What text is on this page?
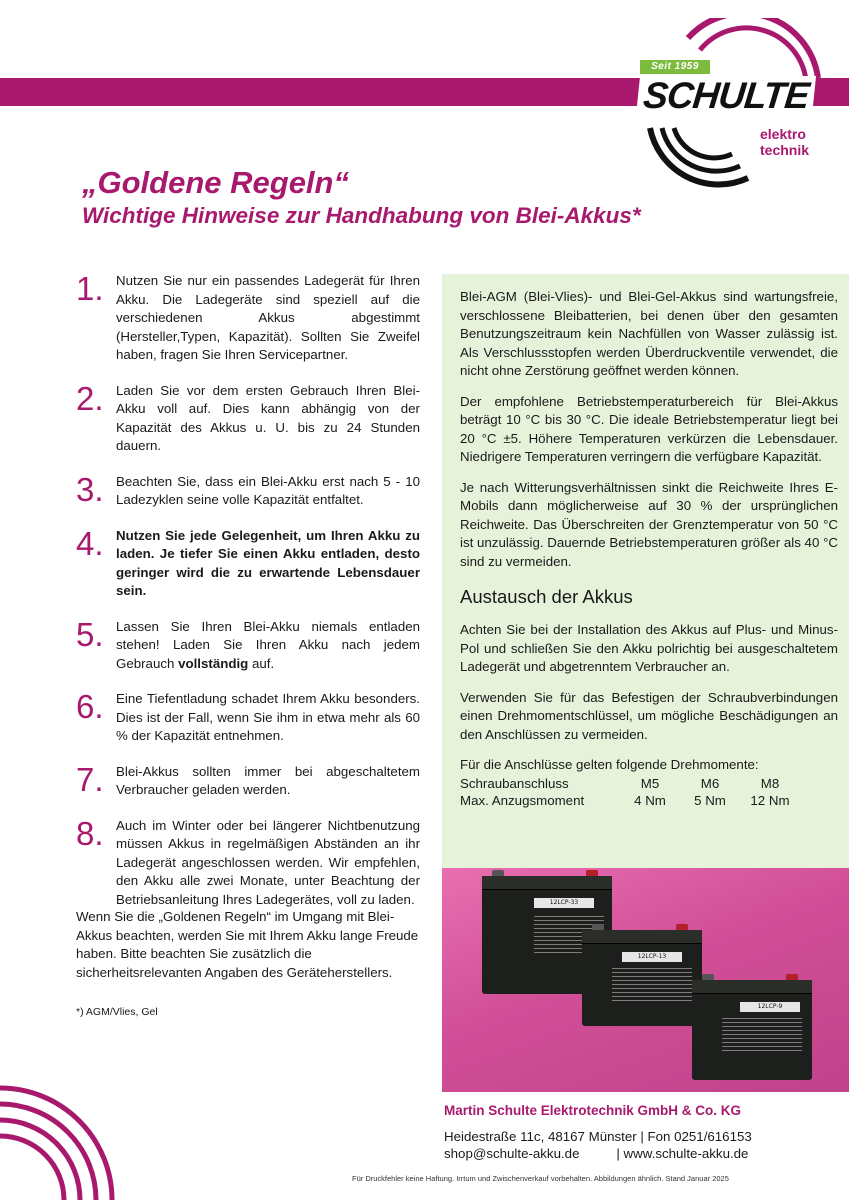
Seit 1959
SCHULTE
elektro
technik
„Goldene Regeln“
Wichtige Hinweise zur Handhabung von Blei-Akkus*
1. Nutzen Sie nur ein passendes Ladegerät für Ihren Akku. Die Ladegeräte sind speziell auf die verschiedenen Akkus abgestimmt (Hersteller,Typen, Kapazität). Sollten Sie Zweifel haben, fragen Sie Ihren Servicepartner.
2. Laden Sie vor dem ersten Gebrauch Ihren Blei-Akku voll auf. Dies kann abhängig von der Kapazität des Akkus u. U. bis zu 24 Stunden dauern.
3. Beachten Sie, dass ein Blei-Akku erst nach 5 - 10 Ladezyklen seine volle Kapazität entfaltet.
4. Nutzen Sie jede Gelegenheit, um Ihren Akku zu laden. Je tiefer Sie einen Akku entladen, desto geringer wird die zu erwartende Lebensdauer sein.
5. Lassen Sie Ihren Blei-Akku niemals entladen stehen! Laden Sie Ihren Akku nach jedem Gebrauch vollständig auf.
6. Eine Tiefentladung schadet Ihrem Akku besonders. Dies ist der Fall, wenn Sie ihm in etwa mehr als 60 % der Kapazität entnehmen.
7. Blei-Akkus sollten immer bei abgeschaltetem Verbraucher geladen werden.
8. Auch im Winter oder bei längerer Nichtbenutzung müssen Akkus in regelmäßigen Abständen an ihr Ladegerät angeschlossen werden. Wir empfehlen, den Akku alle zwei Monate, unter Beachtung der Betriebsanleitung Ihres Ladegerätes, voll zu laden.
Wenn Sie die „Goldenen Regeln“ im Umgang mit Blei-Akkus beachten, werden Sie mit Ihrem Akku lange Freude haben. Bitte beachten Sie zusätzlich die sicherheitsrelevanten Angaben des Geräteherstellers.
*) AGM/Vlies, Gel

Blei-AGM (Blei-Vlies)- und Blei-Gel-Akkus sind wartungsfreie, verschlossene Bleibatterien, bei denen über den gesamten Benutzungszeitraum kein Nachfüllen von Wasser zulässig ist. Als Verschlussstopfen werden Überdruckventile verwendet, die nicht ohne Zerstörung geöffnet werden können.

Der empfohlene Betriebstemperaturbereich für Blei-Akkus beträgt 10 °C bis 30 °C. Die ideale Betriebstemperatur liegt bei 20 °C ±5. Höhere Temperaturen verkürzen die Lebensdauer. Niedrigere Temperaturen verringern die verfügbare Kapazität.

Je nach Witterungsverhältnissen sinkt die Reichweite Ihres E-Mobils dann möglicherweise auf 30 % der ursprünglichen Reichweite. Das Überschreiten der Grenztemperatur von 50 °C ist unzulässig. Dauernde Betriebstemperaturen größer als 40 °C sind zu vermeiden.

Austausch der Akkus

Achten Sie bei der Installation des Akkus auf Plus- und Minus-Pol und schließen Sie den Akku polrichtig bei ausgeschaltetem Ladegerät und abgetrenntem Verbraucher an.

Verwenden Sie für das Befestigen der Schraubverbindungen einen Drehmomentschlüssel, um mögliche Beschädigungen an den Anschlüssen zu vermeiden.

Für die Anschlüsse gelten folgende Drehmomente:
Schraubanschluss	M5	M6	M8
Max. Anzugsmoment	4 Nm	5 Nm	12 Nm
12LCP-33
12LCP-13
12LCP-9
Martin Schulte Elektrotechnik GmbH & Co. KG
Heidestraße 11c, 48167 Münster | Fon 0251/616153
shop@schulte-akku.de          | www.schulte-akku.de
Für Druckfehler keine Haftung. Irrtum und Zwischenverkauf vorbehalten. Abbildungen ähnlich. Stand Januar 2025
